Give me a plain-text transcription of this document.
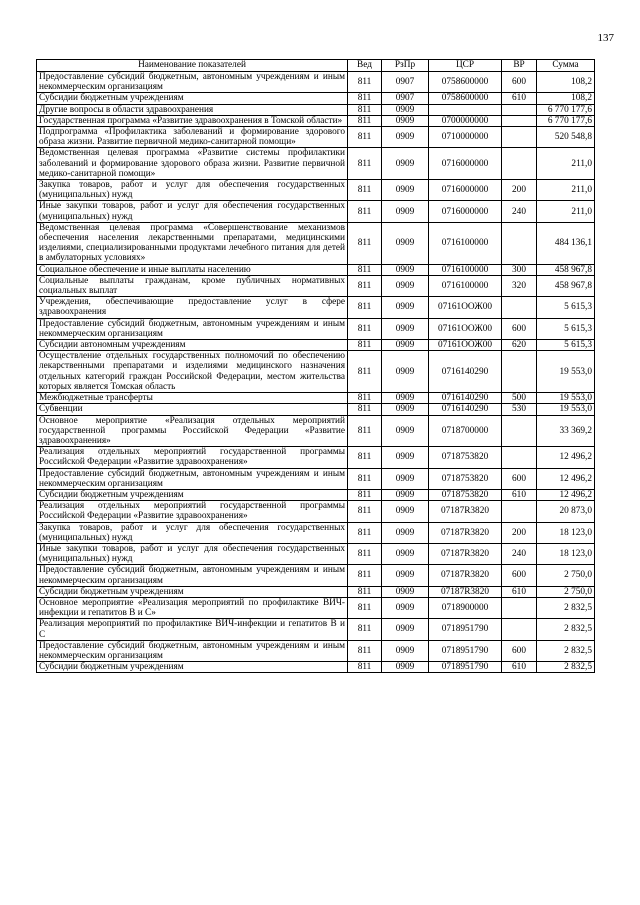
137
Наименование показателей	Вед	РзПр	ЦСР	ВР	Сумма
Предоставление субсидий бюджетным, автономным учреждениям и иным некоммерческим организациям	811	0907	0758600000	600	108,2
Субсидии бюджетным учреждениям	811	0907	0758600000	610	108,2
Другие вопросы в области здравоохранения	811	0909			6 770 177,6
Государственная программа «Развитие здравоохранения в Томской области»	811	0909	0700000000		6 770 177,6
Подпрограмма «Профилактика заболеваний и формирование здорового образа жизни. Развитие первичной медико-санитарной помощи»	811	0909	0710000000		520 548,8
Ведомственная целевая программа «Развитие системы профилактики заболеваний и формирование здорового образа жизни. Развитие первичной медико-санитарной помощи»	811	0909	0716000000		211,0
Закупка товаров, работ и услуг для обеспечения государственных (муниципальных) нужд	811	0909	0716000000	200	211,0
Иные закупки товаров, работ и услуг для обеспечения государственных (муниципальных) нужд	811	0909	0716000000	240	211,0
Ведомственная целевая программа «Совершенствование механизмов обеспечения населения лекарственными препаратами, медицинскими изделиями, специализированными продуктами лечебного питания для детей в амбулаторных условиях»	811	0909	0716100000		484 136,1
Социальное обеспечение и иные выплаты населению	811	0909	0716100000	300	458 967,8
Социальные выплаты гражданам, кроме публичных нормативных социальных выплат	811	0909	0716100000	320	458 967,8
Учреждения, обеспечивающие предоставление услуг в сфере здравоохранения	811	0909	07161ООЖ00		5 615,3
Предоставление субсидий бюджетным, автономным учреждениям и иным некоммерческим организациям	811	0909	07161ООЖ00	600	5 615,3
Субсидии автономным учреждениям	811	0909	07161ООЖ00	620	5 615,3
Осуществление отдельных государственных полномочий по обеспечению лекарственными препаратами и изделиями медицинского назначения отдельных категорий граждан Российской Федерации, местом жительства которых является Томская область	811	0909	0716140290		19 553,0
Межбюджетные трансферты	811	0909	0716140290	500	19 553,0
Субвенции	811	0909	0716140290	530	19 553,0
Основное мероприятие «Реализация отдельных мероприятий государственной программы Российской Федерации «Развитие здравоохранения»	811	0909	0718700000		33 369,2
Реализация отдельных мероприятий государственной программы Российской Федерации «Развитие здравоохранения»	811	0909	0718753820		12 496,2
Предоставление субсидий бюджетным, автономным учреждениям и иным некоммерческим организациям	811	0909	0718753820	600	12 496,2
Субсидии бюджетным учреждениям	811	0909	0718753820	610	12 496,2
Реализация отдельных мероприятий государственной программы Российской Федерации «Развитие здравоохранения»	811	0909	07187R3820		20 873,0
Закупка товаров, работ и услуг для обеспечения государственных (муниципальных) нужд	811	0909	07187R3820	200	18 123,0
Иные закупки товаров, работ и услуг для обеспечения государственных (муниципальных) нужд	811	0909	07187R3820	240	18 123,0
Предоставление субсидий бюджетным, автономным учреждениям и иным некоммерческим организациям	811	0909	07187R3820	600	2 750,0
Субсидии бюджетным учреждениям	811	0909	07187R3820	610	2 750,0
Основное мероприятие «Реализация мероприятий по профилактике ВИЧ-инфекции и гепатитов В и С»	811	0909	0718900000		2 832,5
Реализация мероприятий по профилактике ВИЧ-инфекции и гепатитов В и С	811	0909	0718951790		2 832,5
Предоставление субсидий бюджетным, автономным учреждениям и иным некоммерческим организациям	811	0909	0718951790	600	2 832,5
Субсидии бюджетным учреждениям	811	0909	0718951790	610	2 832,5
